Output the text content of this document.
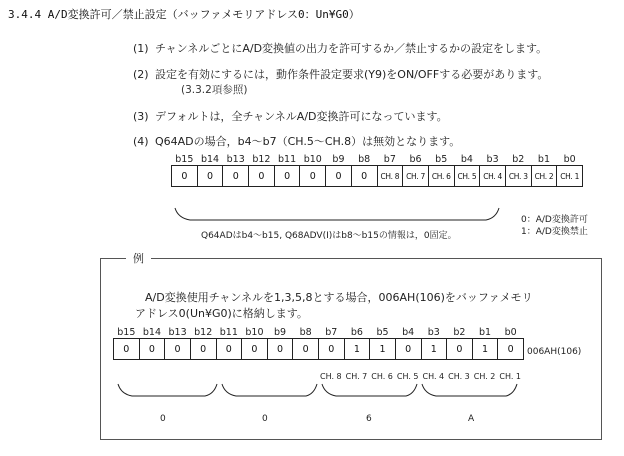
3.4.4 A/D変換許可／禁止設定（バッファメモリアドレス0：Un¥G0）
(1) チャンネルごとにA/D変換値の出力を許可するか／禁止するかの設定をします。
(2) 設定を有効にするには，動作条件設定要求(Y9)をON/OFFする必要があります。
(3.3.2項参照)
(3) デフォルトは，全チャンネルA/D変換許可になっています。
(4) Q64ADの場合，b4～b7（CH.5～CH.8）は無効となります。
b15	b14	b13	b12	b11	b10	b9	b8	b7	b6	b5	b4	b3	b2	b1	b0
0	0	0	0	0	0	0	0	CH. 8	CH. 7	CH. 6	CH. 5	CH. 4	CH. 3	CH. 2	CH. 1
Q64ADはb4～b15, Q68ADV(I)はb8～b15の情報は，0固定。
0：A/D変換許可
1：A/D変換禁止
例
A/D変換使用チャンネルを1,3,5,8とする場合，006AH(106)をバッファメモリ
アドレス0(Un¥G0)に格納します。
b15	b14	b13	b12	b11	b10	b9	b8	b7	b6	b5	b4	b3	b2	b1	b0
0	0	0	0	0	0	0	0	0	1	1	0	1	0	1	0 006AH(106)
CH. 8 CH. 7 CH. 6 CH. 5 CH. 4 CH. 3 CH. 2 CH. 1
0	0	6	A
